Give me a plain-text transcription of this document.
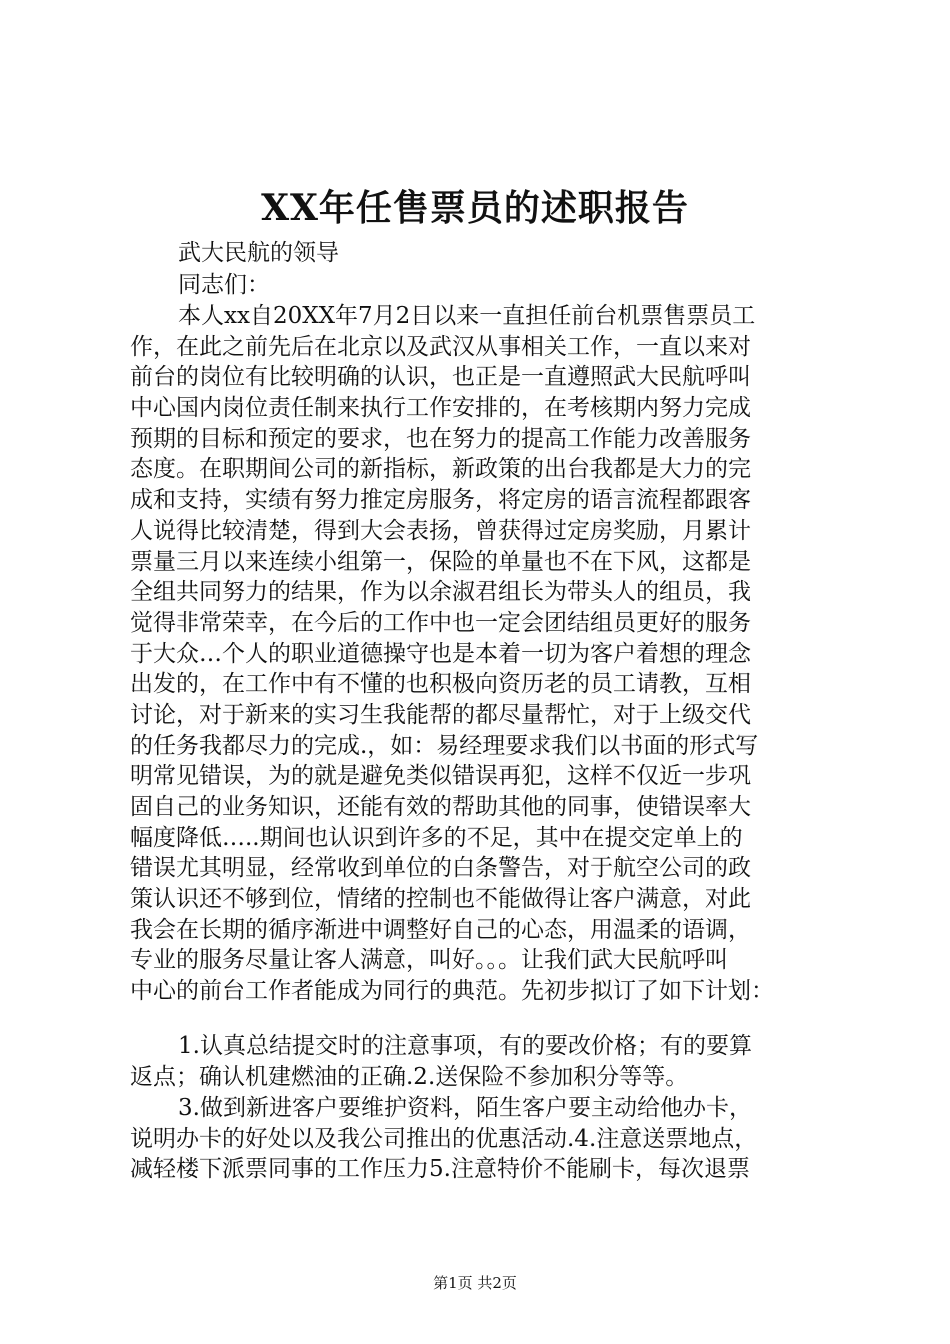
XX年任售票员的述职报告
武大民航的领导
同志们：
本人xx自20XX年7月2日以来一直担任前台机票售票员工
作，在此之前先后在北京以及武汉从事相关工作，一直以来对
前台的岗位有比较明确的认识，也正是一直遵照武大民航呼叫
中心国内岗位责任制来执行工作安排的，在考核期内努力完成
预期的目标和预定的要求，也在努力的提高工作能力改善服务
态度。在职期间公司的新指标，新政策的出台我都是大力的完
成和支持，实绩有努力推定房服务，将定房的语言流程都跟客
人说得比较清楚，得到大会表扬，曾获得过定房奖励，月累计
票量三月以来连续小组第一，保险的单量也不在下风，这都是
全组共同努力的结果，作为以余淑君组长为带头人的组员，我
觉得非常荣幸，在今后的工作中也一定会团结组员更好的服务
于大众…个人的职业道德操守也是本着一切为客户着想的理念
出发的，在工作中有不懂的也积极向资历老的员工请教，互相
讨论，对于新来的实习生我能帮的都尽量帮忙，对于上级交代
的任务我都尽力的完成.，如：易经理要求我们以书面的形式写
明常见错误，为的就是避免类似错误再犯，这样不仅近一步巩
固自己的业务知识，还能有效的帮助其他的同事，使错误率大
幅度降低…..期间也认识到许多的不足，其中在提交定单上的
错误尤其明显，经常收到单位的白条警告，对于航空公司的政
策认识还不够到位，情绪的控制也不能做得让客户满意，对此
我会在长期的循序渐进中调整好自己的心态，用温柔的语调，
专业的服务尽量让客人满意，叫好。。。让我们武大民航呼叫
中心的前台工作者能成为同行的典范。先初步拟订了如下计划：
1.认真总结提交时的注意事项，有的要改价格；有的要算
返点；确认机建燃油的正确.2.送保险不参加积分等等。
3.做到新进客户要维护资料，陌生客户要主动给他办卡，
说明办卡的好处以及我公司推出的优惠活动.4.注意送票地点，
减轻楼下派票同事的工作压力5.注意特价不能刷卡，每次退票
第1页 共2页
